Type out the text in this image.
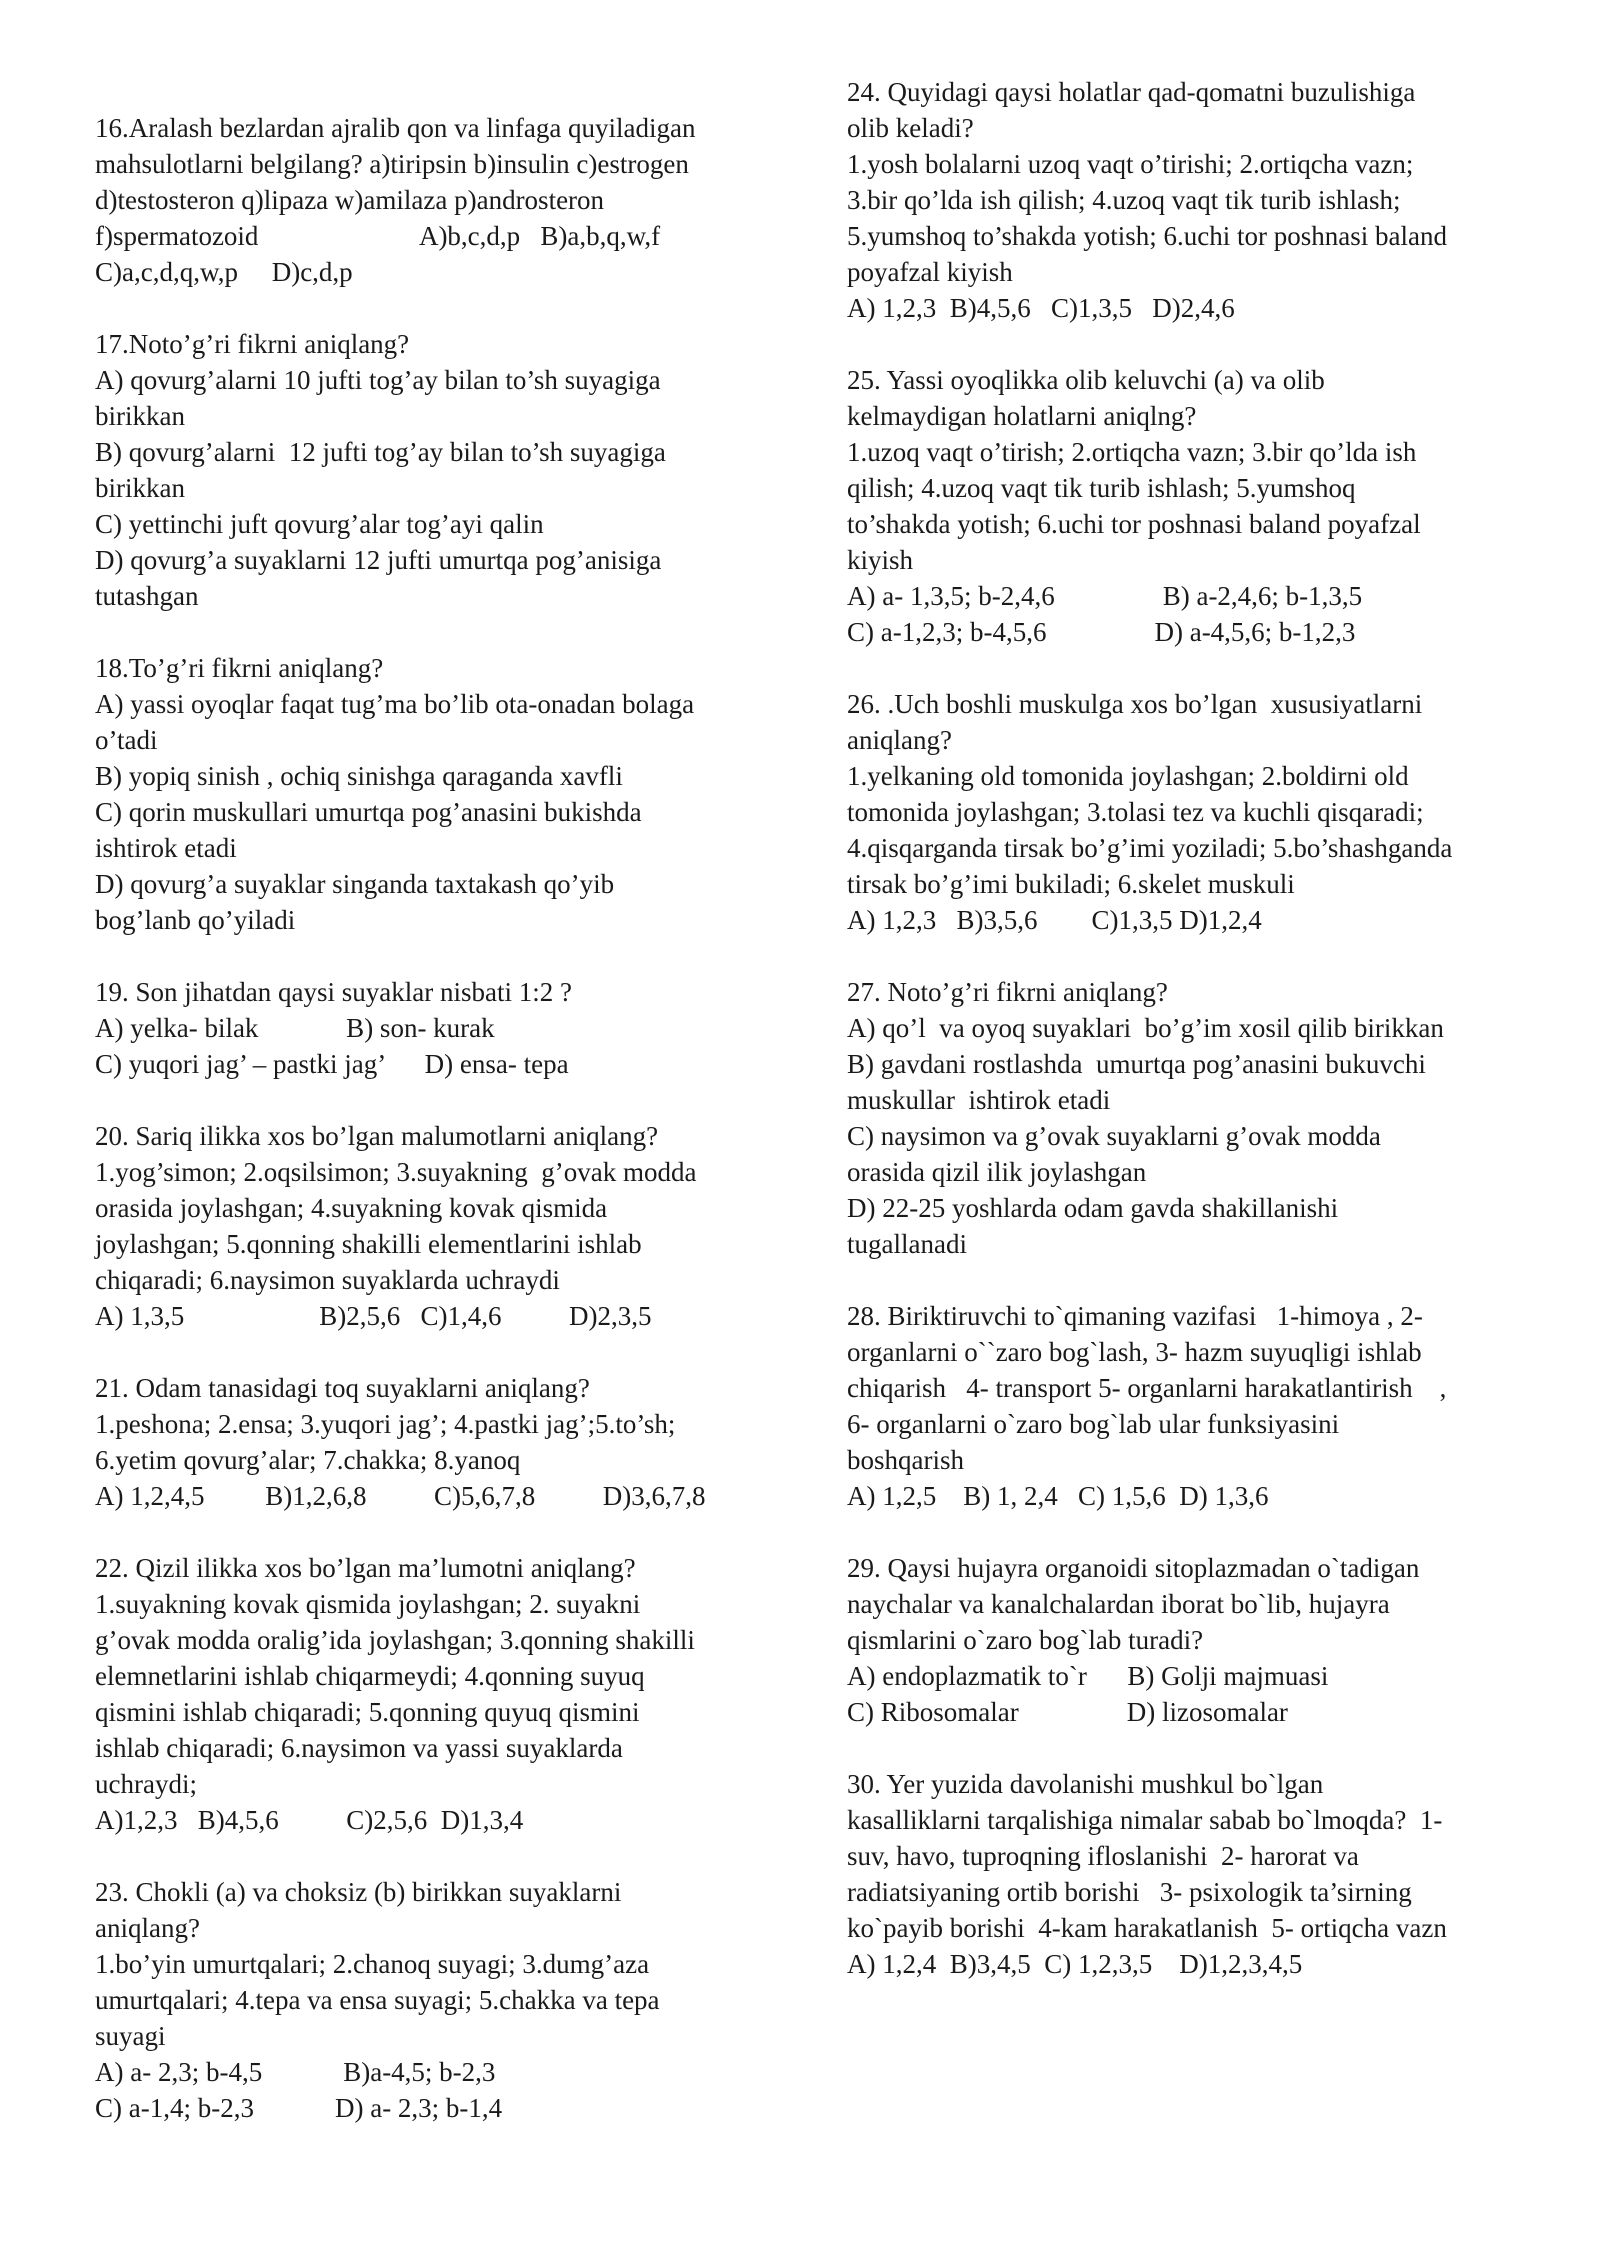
16.Aralash bezlardan ajralib qon va linfaga quyiladigan
mahsulotlarni belgilang? a)tiripsin b)insulin c)estrogen
d)testosteron q)lipaza w)amilaza p)androsteron
f)spermatozoid                        A)b,c,d,p   B)a,b,q,w,f
C)a,c,d,q,w,p     D)c,d,p
17.Noto’g’ri fikrni aniqlang?
A) qovurg’alarni 10 jufti tog’ay bilan to’sh suyagiga
birikkan
B) qovurg’alarni  12 jufti tog’ay bilan to’sh suyagiga
birikkan
C) yettinchi juft qovurg’alar tog’ayi qalin
D) qovurg’a suyaklarni 12 jufti umurtqa pog’anisiga
tutashgan
18.To’g’ri fikrni aniqlang?
A) yassi oyoqlar faqat tug’ma bo’lib ota-onadan bolaga
o’tadi
B) yopiq sinish , ochiq sinishga qaraganda xavfli
C) qorin muskullari umurtqa pog’anasini bukishda
ishtirok etadi
D) qovurg’a suyaklar singanda taxtakash qo’yib
bog’lanb qo’yiladi
19. Son jihatdan qaysi suyaklar nisbati 1:2 ?
A) yelka- bilak             B) son- kurak
C) yuqori jag’ – pastki jag’      D) ensa- tepa
20. Sariq ilikka xos bo’lgan malumotlarni aniqlang?
1.yog’simon; 2.oqsilsimon; 3.suyakning  g’ovak modda
orasida joylashgan; 4.suyakning kovak qismida
joylashgan; 5.qonning shakilli elementlarini ishlab
chiqaradi; 6.naysimon suyaklarda uchraydi
A) 1,3,5                    B)2,5,6   C)1,4,6          D)2,3,5
21. Odam tanasidagi toq suyaklarni aniqlang?
1.peshona; 2.ensa; 3.yuqori jag’; 4.pastki jag’;5.to’sh;
6.yetim qovurg’alar; 7.chakka; 8.yanoq
A) 1,2,4,5         B)1,2,6,8          C)5,6,7,8          D)3,6,7,8
22. Qizil ilikka xos bo’lgan ma’lumotni aniqlang?
1.suyakning kovak qismida joylashgan; 2. suyakni
g’ovak modda oralig’ida joylashgan; 3.qonning shakilli
elemnetlarini ishlab chiqarmeydi; 4.qonning suyuq
qismini ishlab chiqaradi; 5.qonning quyuq qismini
ishlab chiqaradi; 6.naysimon va yassi suyaklarda
uchraydi;
A)1,2,3   B)4,5,6          C)2,5,6  D)1,3,4
23. Chokli (a) va choksiz (b) birikkan suyaklarni
aniqlang?
1.bo’yin umurtqalari; 2.chanoq suyagi; 3.dumg’aza
umurtqalari; 4.tepa va ensa suyagi; 5.chakka va tepa
suyagi
A) a- 2,3; b-4,5            B)a-4,5; b-2,3
C) a-1,4; b-2,3            D) a- 2,3; b-1,4
24. Quyidagi qaysi holatlar qad-qomatni buzulishiga
olib keladi?
1.yosh bolalarni uzoq vaqt o’tirishi; 2.ortiqcha vazn;
3.bir qo’lda ish qilish; 4.uzoq vaqt tik turib ishlash;
5.yumshoq to’shakda yotish; 6.uchi tor poshnasi baland
poyafzal kiyish
A) 1,2,3  B)4,5,6   C)1,3,5   D)2,4,6
25. Yassi oyoqlikka olib keluvchi (a) va olib
kelmaydigan holatlarni aniqlng?
1.uzoq vaqt o’tirish; 2.ortiqcha vazn; 3.bir qo’lda ish
qilish; 4.uzoq vaqt tik turib ishlash; 5.yumshoq
to’shakda yotish; 6.uchi tor poshnasi baland poyafzal
kiyish
A) a- 1,3,5; b-2,4,6                B) a-2,4,6; b-1,3,5
C) a-1,2,3; b-4,5,6                D) a-4,5,6; b-1,2,3
26. .Uch boshli muskulga xos bo’lgan  xususiyatlarni
aniqlang?
1.yelkaning old tomonida joylashgan; 2.boldirni old
tomonida joylashgan; 3.tolasi tez va kuchli qisqaradi;
4.qisqarganda tirsak bo’g’imi yoziladi; 5.bo’shashganda
tirsak bo’g’imi bukiladi; 6.skelet muskuli
A) 1,2,3   B)3,5,6        C)1,3,5 D)1,2,4
27. Noto’g’ri fikrni aniqlang?
A) qo’l  va oyoq suyaklari  bo’g’im xosil qilib birikkan
B) gavdani rostlashda  umurtqa pog’anasini bukuvchi
muskullar  ishtirok etadi
C) naysimon va g’ovak suyaklarni g’ovak modda
orasida qizil ilik joylashgan
D) 22-25 yoshlarda odam gavda shakillanishi
tugallanadi
28. Biriktiruvchi to`qimaning vazifasi   1-himoya , 2-
organlarni o``zaro bog`lash, 3- hazm suyuqligi ishlab
chiqarish   4- transport 5- organlarni harakatlantirish    ,
6- organlarni o`zaro bog`lab ular funksiyasini
boshqarish
A) 1,2,5    B) 1, 2,4   C) 1,5,6  D) 1,3,6
29. Qaysi hujayra organoidi sitoplazmadan o`tadigan
naychalar va kanalchalardan iborat bo`lib, hujayra
qismlarini o`zaro bog`lab turadi?
A) endoplazmatik to`r      B) Golji majmuasi
C) Ribosomalar                D) lizosomalar
30. Yer yuzida davolanishi mushkul bo`lgan
kasalliklarni tarqalishiga nimalar sabab bo`lmoqda?  1-
suv, havo, tuproqning ifloslanishi  2- harorat va
radiatsiyaning ortib borishi   3- psixologik ta’sirning
ko`payib borishi  4-kam harakatlanish  5- ortiqcha vazn
A) 1,2,4  B)3,4,5  C) 1,2,3,5    D)1,2,3,4,5
